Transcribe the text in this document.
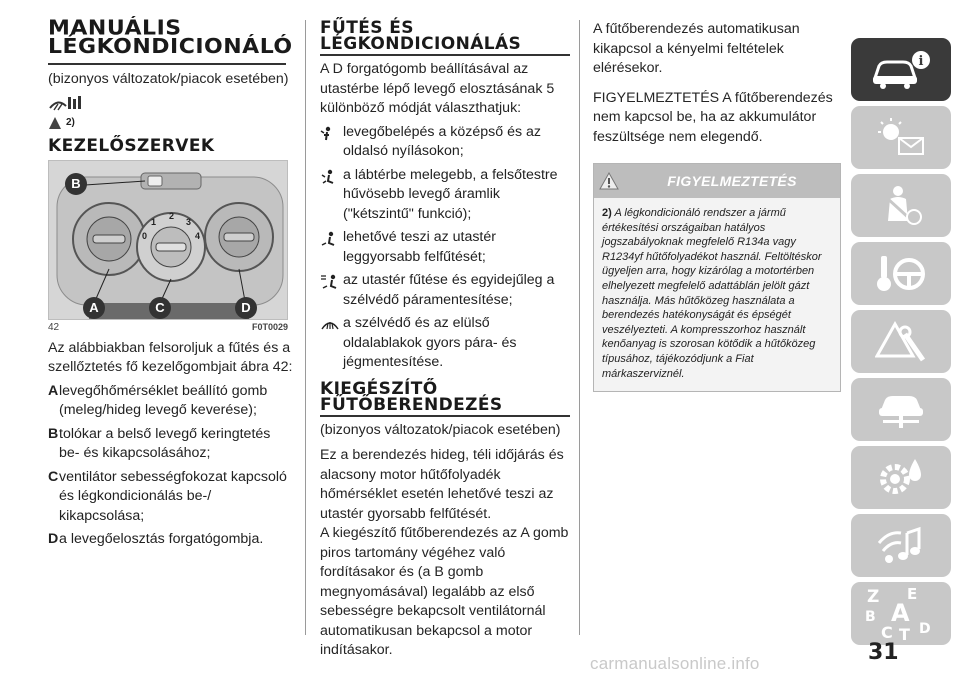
MANUÁLIS
LÉGKONDICIONÁLÓ
(bizonyos változatok/piacok esetében)
2)
KEZELŐSZERVEK
1
2
3
4
0
B
A	C	D
42	F0T0029
Az alábbiakban felsoroljuk a fűtés és a szellőztetés fő kezelőgombjait ábra 42:
A levegőhőmérséklet beállító gomb (meleg/hideg levegő keverése);
B tolókar a belső levegő keringtetés be- és kikapcsolásához;
C ventilátor sebességfokozat kapcsoló és légkondicionálás be-/ kikapcsolása;
D a levegőelosztás forgatógombja.
FŰTÉS ÉS
LÉGKONDICIONÁLÁS
A D forgatógomb beállításával az utastérbe lépő levegő elosztásának 5 különböző módját választhatjuk:
levegőbelépés a középső és az oldalsó nyílásokon;
a lábtérbe melegebb, a felsőtestre hűvösebb levegő áramlik ("kétszintű" funkció);
lehetővé teszi az utastér leggyorsabb felfűtését;
az utastér fűtése és egyidejűleg a szélvédő páramentesítése;
a szélvédő és az elülső oldalablakok gyors pára- és jégmentesítése.
KIEGÉSZÍTŐ
FŰTŐBERENDEZÉS
(bizonyos változatok/piacok esetében)
Ez a berendezés hideg, téli időjárás és alacsony motor hűtőfolyadék hőmérséklet esetén lehetővé teszi az utastér gyorsabb felfűtését.
A kiegészítő fűtőberendezés az A gomb piros tartomány végéhez való fordításakor és (a B gomb megnyomásával) legalább az első sebességre bekapcsolt ventilátornál automatikusan bekapcsol a motor indításakor.
A fűtőberendezés automatikusan kikapcsol a kényelmi feltételek elérésekor.
FIGYELMEZTETÉS A fűtőberendezés nem kapcsol be, ha az akkumulátor feszültsége nem elegendő.
FIGYELMEZTETÉS
2) A légkondicionáló rendszer a jármű értékesítési országaiban hatályos jogszabályoknak megfelelő R134a vagy R1234yf hűtőfolyadékot használ. Feltöltéskor ügyeljen arra, hogy kizárólag a motortérben elhelyezett megfelelő adattáblán jelölt gázt használja. Más hűtőközeg használata a berendezés hatékonyságát és épségét veszélyezteti. A kompresszorhoz használt kenőanyag is szorosan kötődik a hűtőközeg típusához, tájékozódjunk a Fiat márkaszerviznél.
i
Z E
A
B
C D
T
31
carmanualsonline.info
